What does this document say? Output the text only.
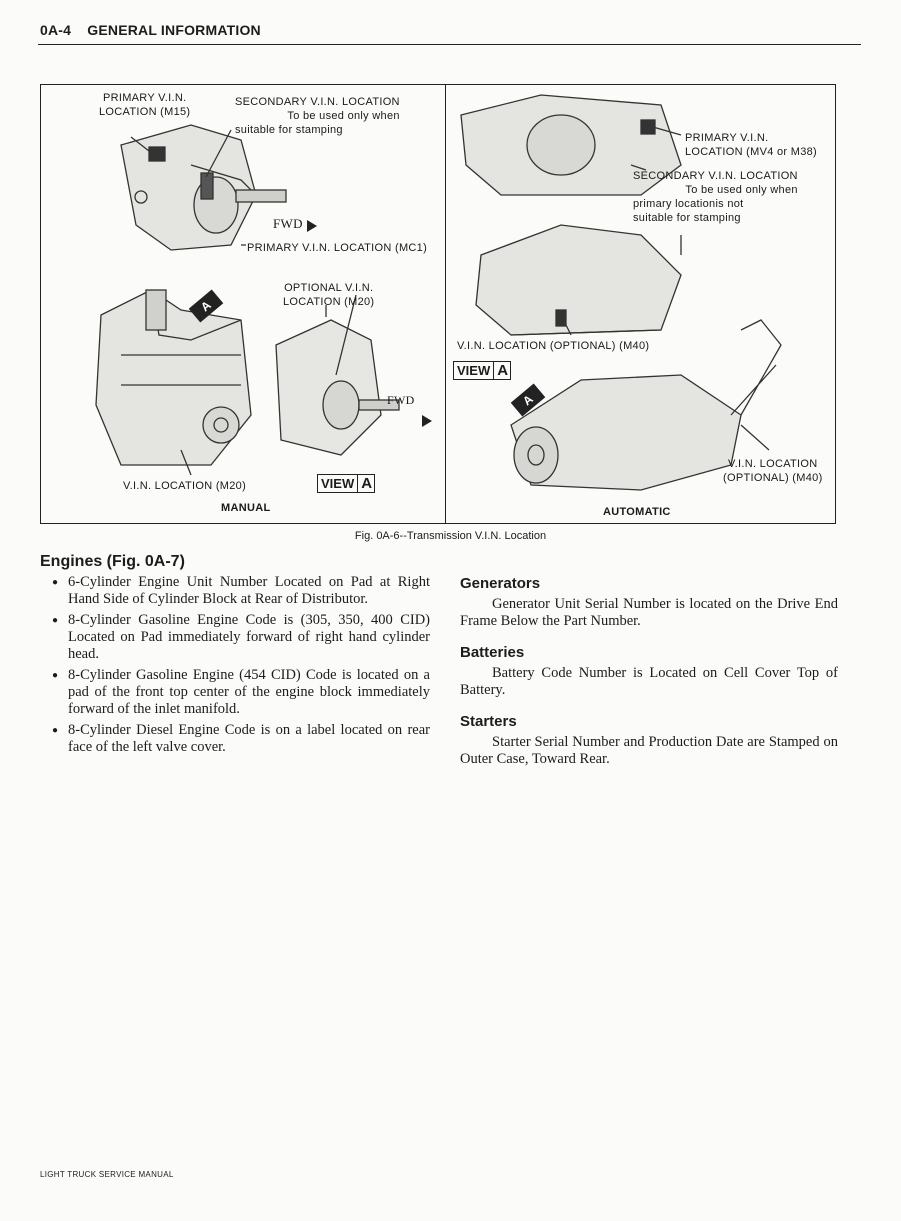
0A-4 GENERAL INFORMATION
PRIMARY V.I.N.
LOCATION (M15)
SECONDARY V.I.N. LOCATION
To be used only when
suitable for stamping
FWD
PRIMARY V.I.N. LOCATION (MC1)
OPTIONAL V.I.N.
LOCATION (M20)
FWD
A
V.I.N. LOCATION (M20)	VIEW A
MANUAL
PRIMARY V.I.N.
LOCATION (MV4 or M38)
SECONDARY V.I.N. LOCATION
To be used only when
primary locationis not
suitable for stamping
V.I.N. LOCATION (OPTIONAL) (M40)
VIEW A
A
V.I.N. LOCATION
(OPTIONAL) (M40)
AUTOMATIC
Fig. 0A-6--Transmission V.I.N. Location
Engines (Fig. 0A-7)
● 6-Cylinder Engine Unit Number Located on Pad at Right Hand Side of Cylinder Block at Rear of Distributor.
● 8-Cylinder Gasoline Engine Code is (305, 350, 400 CID) Located on Pad immediately forward of right hand cylinder head.
● 8-Cylinder Gasoline Engine (454 CID) Code is located on a pad of the front top center of the engine block immediately forward of the inlet manifold.
● 8-Cylinder Diesel Engine Code is on a label located on rear face of the left valve cover.
Generators

Generator Unit Serial Number is located on the Drive End Frame Below the Part Number.

Batteries

Battery Code Number is Located on Cell Cover Top of Battery.

Starters

Starter Serial Number and Production Date are Stamped on Outer Case, Toward Rear.

LIGHT TRUCK SERVICE MANUAL
